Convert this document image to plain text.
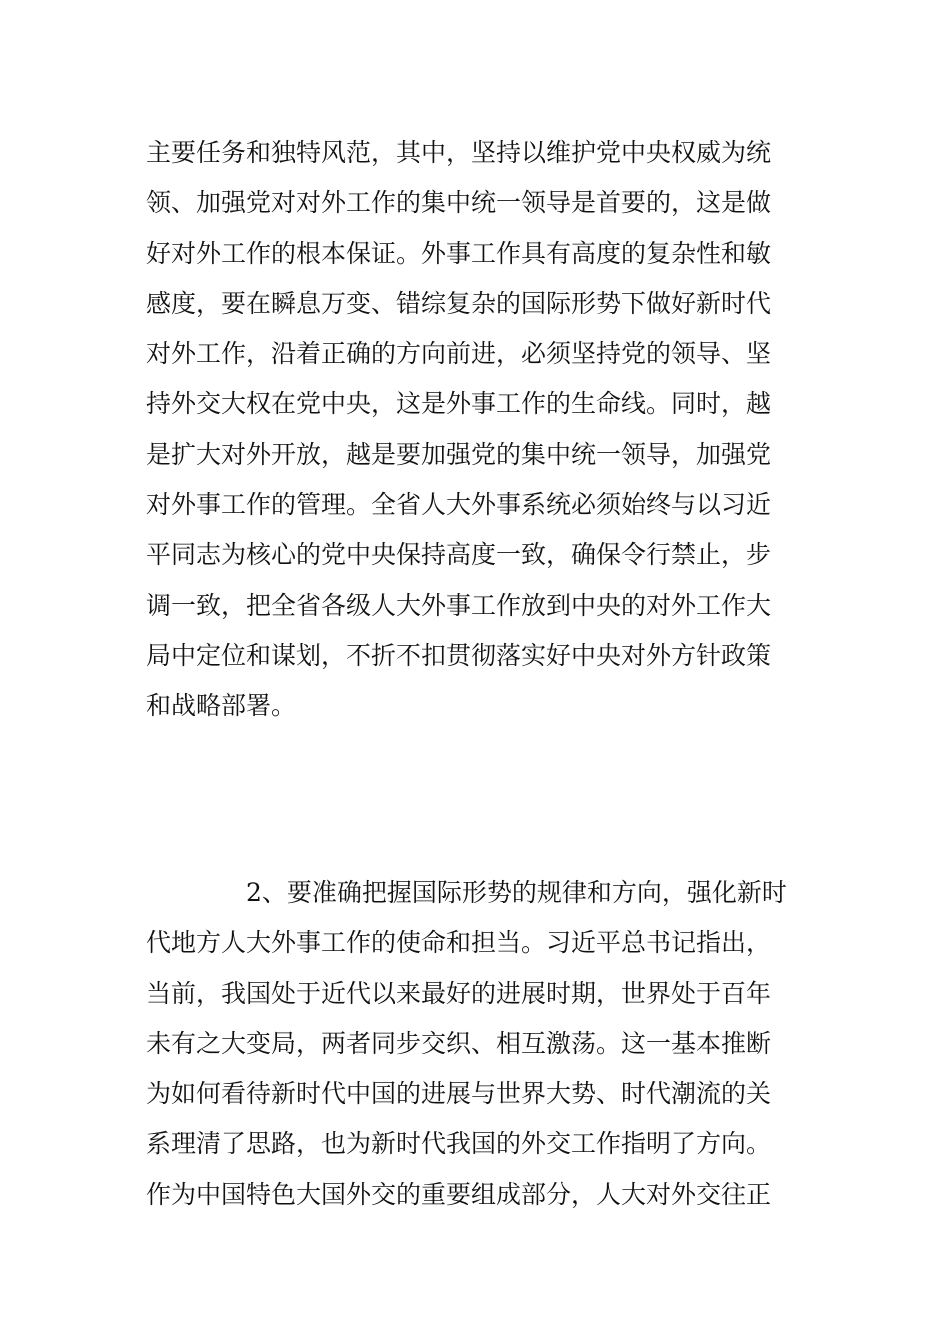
主要任务和独特风范，其中，坚持以维护党中央权威为统
领、加强党对对外工作的集中统一领导是首要的，这是做
好对外工作的根本保证。外事工作具有高度的复杂性和敏
感度，要在瞬息万变、错综复杂的国际形势下做好新时代
对外工作，沿着正确的方向前进，必须坚持党的领导、坚
持外交大权在党中央，这是外事工作的生命线。同时，越
是扩大对外开放，越是要加强党的集中统一领导，加强党
对外事工作的管理。全省人大外事系统必须始终与以习近
平同志为核心的党中央保持高度一致，确保令行禁止，步
调一致，把全省各级人大外事工作放到中央的对外工作大
局中定位和谋划，不折不扣贯彻落实好中央对外方针政策
和战略部署。
2、要准确把握国际形势的规律和方向，强化新时
代地方人大外事工作的使命和担当。习近平总书记指出，
当前，我国处于近代以来最好的进展时期，世界处于百年
未有之大变局，两者同步交织、相互激荡。这一基本推断
为如何看待新时代中国的进展与世界大势、时代潮流的关
系理清了思路，也为新时代我国的外交工作指明了方向。
作为中国特色大国外交的重要组成部分，人大对外交往正
